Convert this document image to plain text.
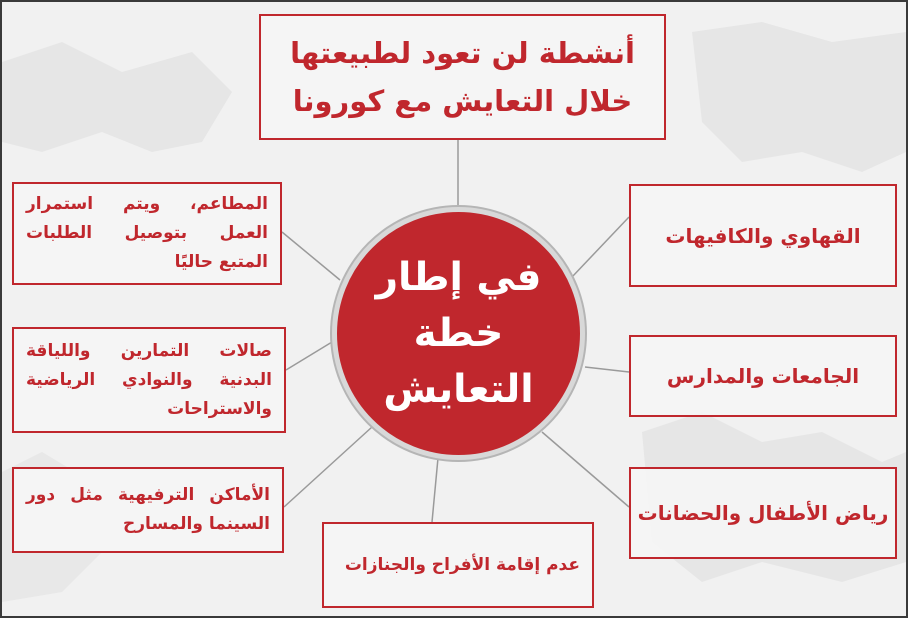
أنشطة لن تعود لطبيعتها
خلال التعايش مع كورونا
القهاوي والكافيهات
الجامعات والمدارس
رياض الأطفال والحضانات
المطاعم، ويتم استمرار العمل بتوصيل الطلبات المتبع حاليًا
صالات التمارين واللياقة البدنية والنوادي الرياضية والاستراحات
الأماكن الترفيهية مثل دور السينما والمسارح
عدم إقامة الأفراح والجنازات
في إطار
خطة
التعايش
